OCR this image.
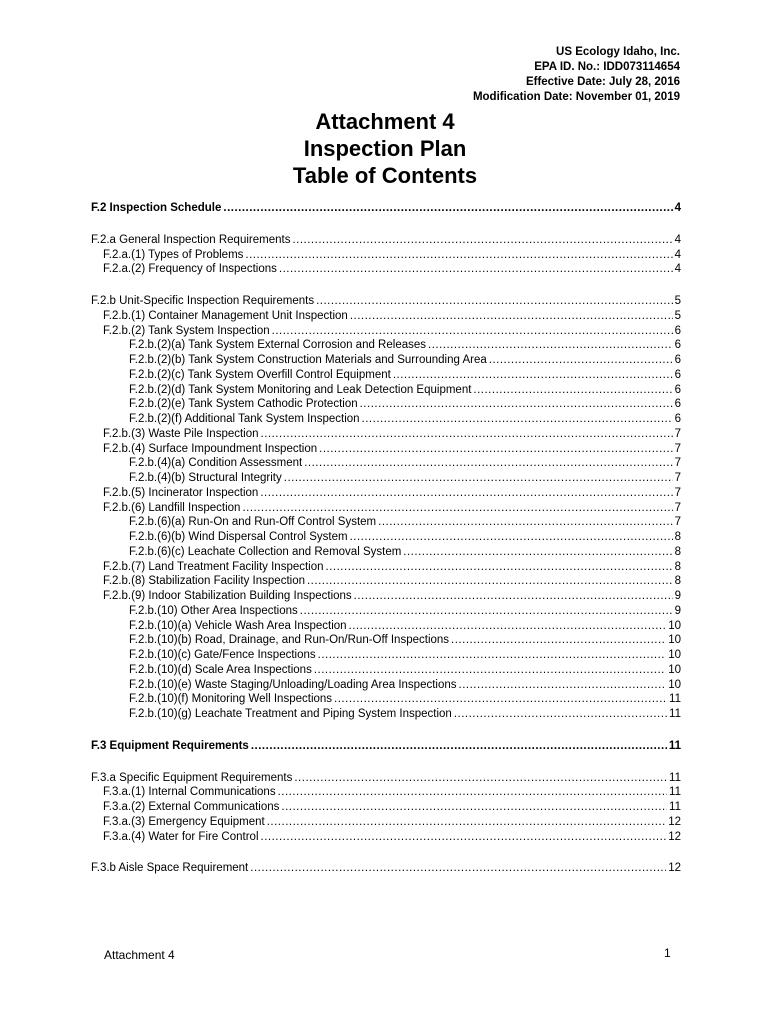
US Ecology Idaho, Inc.
EPA ID. No.: IDD073114654
Effective Date: July 28, 2016
Modification Date: November 01, 2019
Attachment 4
Inspection Plan
Table of Contents
F.2 Inspection Schedule .....	4
F.2.a General Inspection Requirements .....	4
F.2.a.(1) Types of Problems .....	4
F.2.a.(2) Frequency of Inspections .....	4
F.2.b Unit-Specific Inspection Requirements .....	5
F.2.b.(1) Container Management Unit Inspection .....	5
F.2.b.(2) Tank System Inspection .....	6
F.2.b.(2)(a) Tank System External Corrosion and Releases .....	6
F.2.b.(2)(b) Tank System Construction Materials and Surrounding Area .....	6
F.2.b.(2)(c) Tank System Overfill Control Equipment .....	6
F.2.b.(2)(d) Tank System Monitoring and Leak Detection Equipment .....	6
F.2.b.(2)(e) Tank System Cathodic Protection .....	6
F.2.b.(2)(f) Additional Tank System Inspection .....	6
F.2.b.(3) Waste Pile Inspection .....	7
F.2.b.(4) Surface Impoundment Inspection .....	7
F.2.b.(4)(a) Condition Assessment .....	7
F.2.b.(4)(b) Structural Integrity .....	7
F.2.b.(5) Incinerator Inspection .....	7
F.2.b.(6) Landfill Inspection .....	7
F.2.b.(6)(a) Run-On and Run-Off Control System .....	7
F.2.b.(6)(b) Wind Dispersal Control System .....	8
F.2.b.(6)(c) Leachate Collection and Removal System .....	8
F.2.b.(7) Land Treatment Facility Inspection .....	8
F.2.b.(8) Stabilization Facility Inspection .....	8
F.2.b.(9) Indoor Stabilization Building Inspections .....	9
F.2.b.(10) Other Area Inspections .....	9
F.2.b.(10)(a) Vehicle Wash Area Inspection .....	10
F.2.b.(10)(b) Road, Drainage, and Run-On/Run-Off Inspections .....	10
F.2.b.(10)(c) Gate/Fence Inspections .....	10
F.2.b.(10)(d) Scale Area Inspections .....	10
F.2.b.(10)(e) Waste Staging/Unloading/Loading Area Inspections .....	10
F.2.b.(10)(f) Monitoring Well Inspections .....	11
F.2.b.(10)(g) Leachate Treatment and Piping System Inspection .....	11
F.3 Equipment Requirements .....	11
F.3.a Specific Equipment Requirements .....	11
F.3.a.(1) Internal Communications .....	11
F.3.a.(2) External Communications .....	11
F.3.a.(3) Emergency Equipment .....	12
F.3.a.(4) Water for Fire Control .....	12
F.3.b Aisle Space Requirement .....	12
Attachment 4	1
